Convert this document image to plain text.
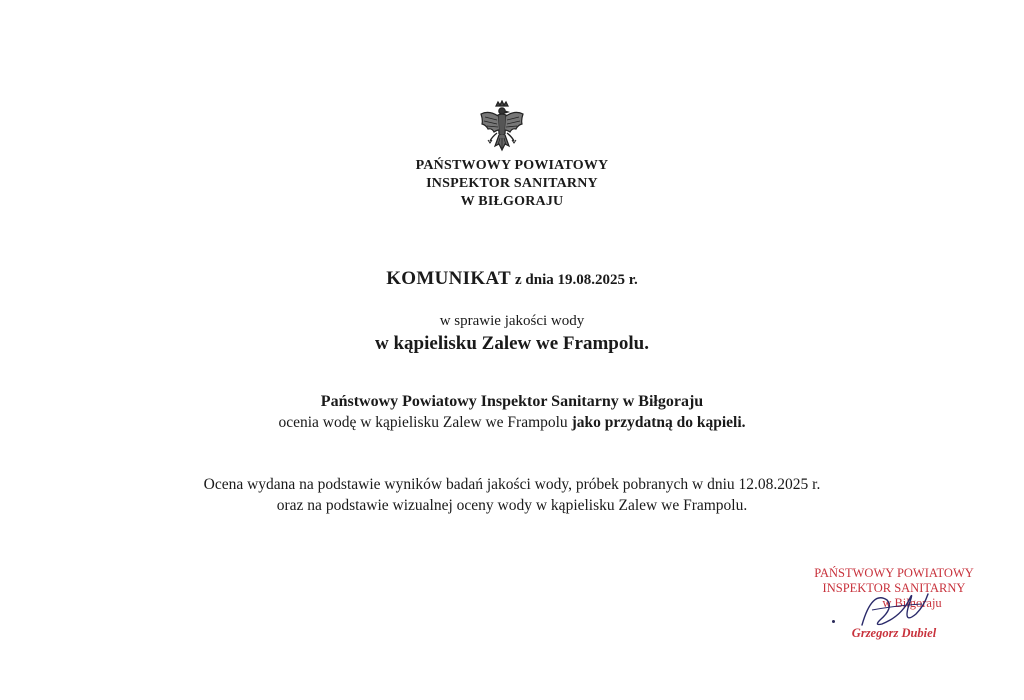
PAŃSTWOWY POWIATOWY
INSPEKTOR SANITARNY
W BIŁGORAJU
KOMUNIKAT z dnia 19.08.2025 r.
w sprawie jakości wody
w kąpielisku Zalew we Frampolu.
Państwowy Powiatowy Inspektor Sanitarny w Biłgoraju
ocenia wodę w kąpielisku Zalew we Frampolu jako przydatną do kąpieli.
Ocena wydana na podstawie wyników badań jakości wody, próbek pobranych w dniu 12.08.2025 r.
oraz na podstawie wizualnej oceny wody w kąpielisku Zalew we Frampolu.
PAŃSTWOWY POWIATOWY
INSPEKTOR SANITARNY
w Biłgoraju
Grzegorz Dubiel
